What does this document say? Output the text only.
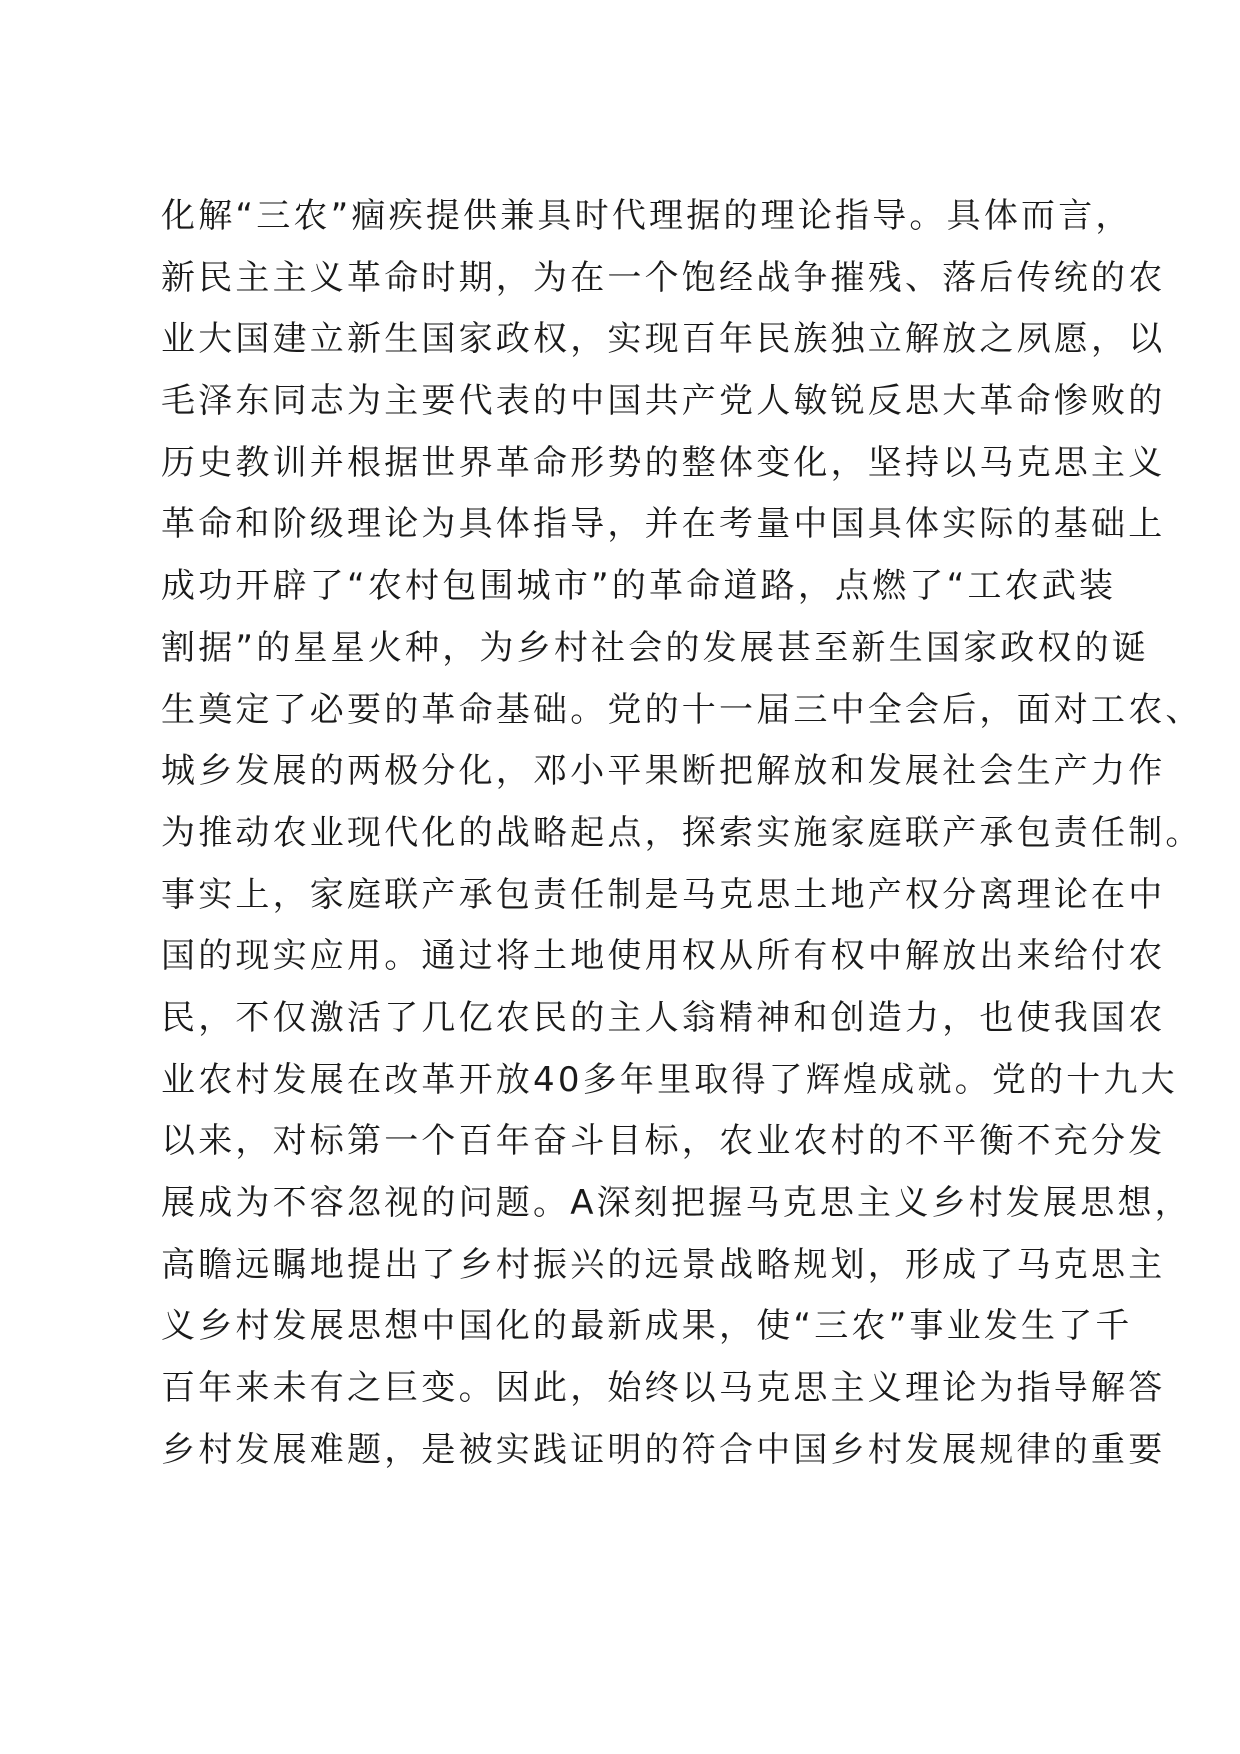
化解“三农”痼疾提供兼具时代理据的理论指导。具体而言，
新民主主义革命时期，为在一个饱经战争摧残、落后传统的农
业大国建立新生国家政权，实现百年民族独立解放之夙愿，以
毛泽东同志为主要代表的中国共产党人敏锐反思大革命惨败的
历史教训并根据世界革命形势的整体变化，坚持以马克思主义
革命和阶级理论为具体指导，并在考量中国具体实际的基础上
成功开辟了“农村包围城市”的革命道路，点燃了“工农武装
割据”的星星火种，为乡村社会的发展甚至新生国家政权的诞
生奠定了必要的革命基础。党的十一届三中全会后，面对工农、
城乡发展的两极分化，邓小平果断把解放和发展社会生产力作
为推动农业现代化的战略起点，探索实施家庭联产承包责任制。
事实上，家庭联产承包责任制是马克思土地产权分离理论在中
国的现实应用。通过将土地使用权从所有权中解放出来给付农
民，不仅激活了几亿农民的主人翁精神和创造力，也使我国农
业农村发展在改革开放40多年里取得了辉煌成就。党的十九大
以来，对标第一个百年奋斗目标，农业农村的不平衡不充分发
展成为不容忽视的问题。A深刻把握马克思主义乡村发展思想，
高瞻远瞩地提出了乡村振兴的远景战略规划，形成了马克思主
义乡村发展思想中国化的最新成果，使“三农”事业发生了千
百年来未有之巨变。因此，始终以马克思主义理论为指导解答
乡村发展难题，是被实践证明的符合中国乡村发展规律的重要
